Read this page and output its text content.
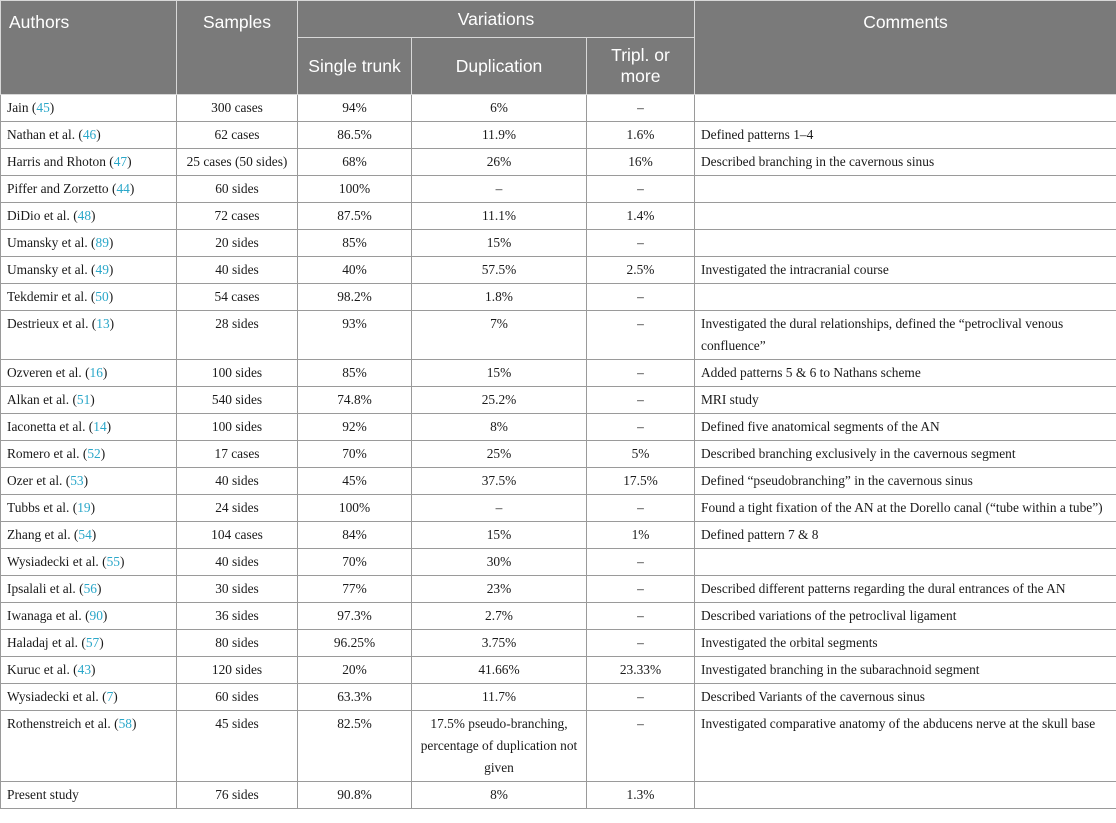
Authors	Samples	Variations			Comments
		Single trunk	Duplication	Tripl. or more	
Jain (45)	300 cases	94%	6%	–	
Nathan et al. (46)	62 cases	86.5%	11.9%	1.6%	Defined patterns 1–4
Harris and Rhoton (47)	25 cases (50 sides)	68%	26%	16%	Described branching in the cavernous sinus
Piffer and Zorzetto (44)	60 sides	100%	–	–	
DiDio et al. (48)	72 cases	87.5%	11.1%	1.4%	
Umansky et al. (89)	20 sides	85%	15%	–	
Umansky et al. (49)	40 sides	40%	57.5%	2.5%	Investigated the intracranial course
Tekdemir et al. (50)	54 cases	98.2%	1.8%	–	
Destrieux et al. (13)	28 sides	93%	7%	–	Investigated the dural relationships, defined the “petroclival venous confluence”
Ozveren et al. (16)	100 sides	85%	15%	–	Added patterns 5 & 6 to Nathans scheme
Alkan et al. (51)	540 sides	74.8%	25.2%	–	MRI study
Iaconetta et al. (14)	100 sides	92%	8%	–	Defined five anatomical segments of the AN
Romero et al. (52)	17 cases	70%	25%	5%	Described branching exclusively in the cavernous segment
Ozer et al. (53)	40 sides	45%	37.5%	17.5%	Defined “pseudobranching” in the cavernous sinus
Tubbs et al. (19)	24 sides	100%	–	–	Found a tight fixation of the AN at the Dorello canal (“tube within a tube”)
Zhang et al. (54)	104 cases	84%	15%	1%	Defined pattern 7 & 8
Wysiadecki et al. (55)	40 sides	70%	30%	–	
Ipsalali et al. (56)	30 sides	77%	23%	–	Described different patterns regarding the dural entrances of the AN
Iwanaga et al. (90)	36 sides	97.3%	2.7%	–	Described variations of the petroclival ligament
Haladaj et al. (57)	80 sides	96.25%	3.75%	–	Investigated the orbital segments
Kuruc et al. (43)	120 sides	20%	41.66%	23.33%	Investigated branching in the subarachnoid segment
Wysiadecki et al. (7)	60 sides	63.3%	11.7%	–	Described Variants of the cavernous sinus
Rothenstreich et al. (58)	45 sides	82.5%	17.5% pseudo-branching, percentage of duplication not given	–	Investigated comparative anatomy of the abducens nerve at the skull base
Present study	76 sides	90.8%	8%	1.3%	
